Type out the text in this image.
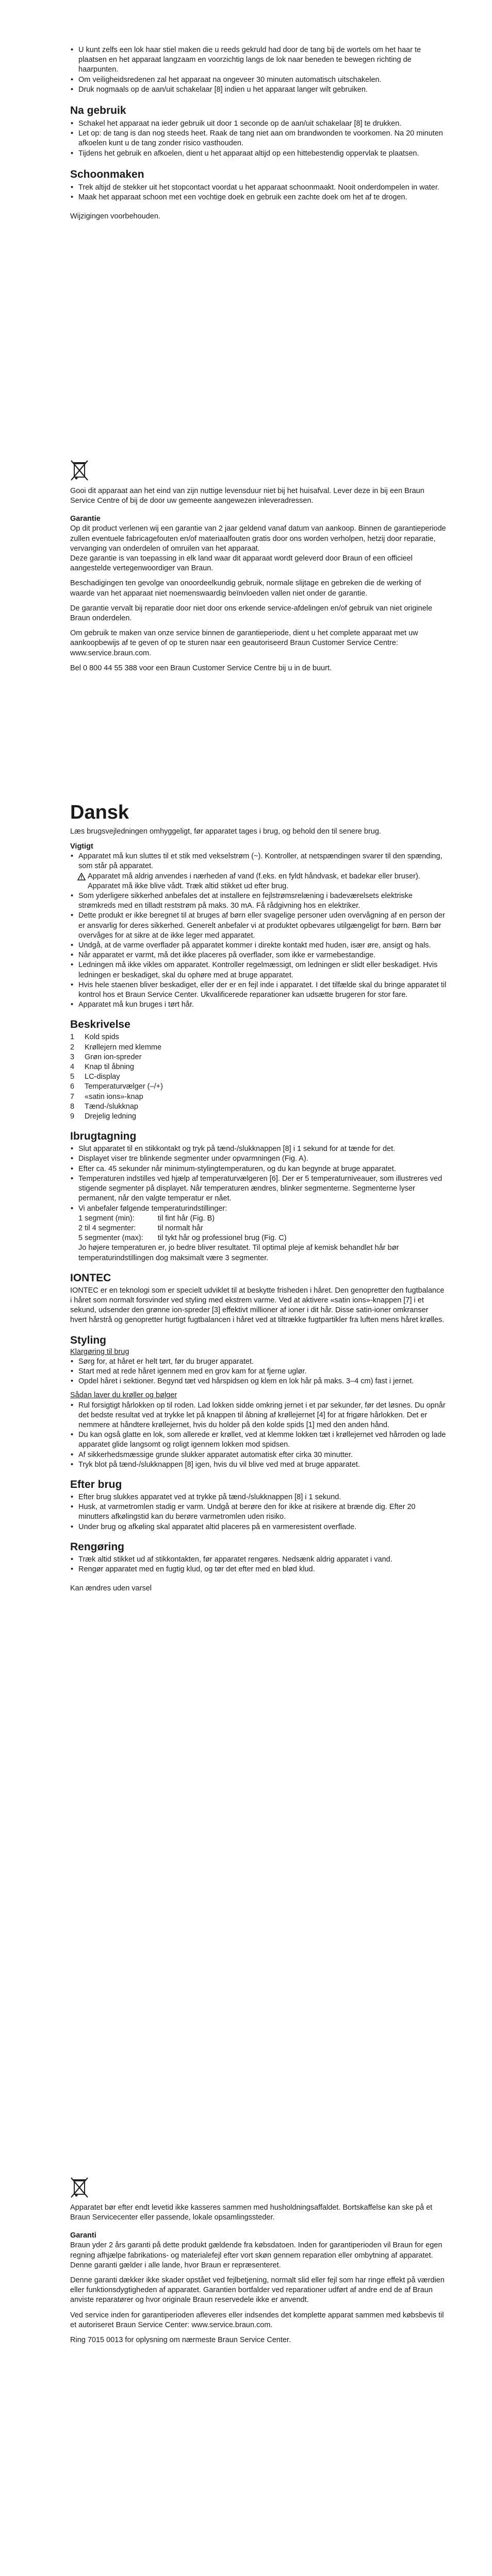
• U kunt zelfs een lok haar stiel maken die u reeds gekruld had door de tang bij de wortels om het haar te plaatsen en het apparaat langzaam en voorzichtig langs de lok naar beneden te bewegen richting de haarpunten.
• Om veiligheidsredenen zal het apparaat na ongeveer 30 minuten automatisch uitschakelen.
• Druk nogmaals op de aan/uit schakelaar [8] indien u het apparaat langer wilt gebruiken.
Na gebruik
• Schakel het apparaat na ieder gebruik uit door 1 seconde op de aan/uit schakelaar [8] te drukken.
• Let op: de tang is dan nog steeds heet. Raak de tang niet aan om brandwonden te voorkomen. Na 20 minuten afkoelen kunt u de tang zonder risico vasthouden.
• Tijdens het gebruik en afkoelen, dient u het apparaat altijd op een hittebestendig oppervlak te plaatsen.
Schoonmaken
• Trek altijd de stekker uit het stopcontact voordat u het apparaat schoonmaakt. Nooit onderdompelen in water.
• Maak het apparaat schoon met een vochtige doek en gebruik een zachte doek om het af te drogen.

Wijzigingen voorbehouden.

Gooi dit apparaat aan het eind van zijn nuttige levensduur niet bij het huisafval. Lever deze in bij een Braun Service Centre of bij de door uw gemeente aangewezen inleveradressen.

Garantie

Op dit product verlenen wij een garantie van 2 jaar geldend vanaf datum van aankoop. Binnen de garantieperiode zullen eventuele fabricagefouten en/of materiaalfouten gratis door ons worden verholpen, hetzij door reparatie, vervanging van onderdelen of omruilen van het apparaat.

Deze garantie is van toepassing in elk land waar dit apparaat wordt geleverd door Braun of een officieel aangestelde vertegenwoordiger van Braun.

Beschadigingen ten gevolge van onoordeelkundig gebruik, normale slijtage en gebreken die de werking of waarde van het apparaat niet noemenswaardig beïnvloeden vallen niet onder de garantie.

De garantie vervalt bij reparatie door niet door ons erkende service-afdelingen en/of gebruik van niet originele Braun onderdelen.

Om gebruik te maken van onze service binnen de garantieperiode, dient u het complete apparaat met uw aankoopbewijs af te geven of op te sturen naar een geautoriseerd Braun Customer Service Centre: www.service.braun.com.

Bel 0 800 44 55 388 voor een Braun Customer Service Centre bij u in de buurt.

Dansk

Læs brugsvejledningen omhyggeligt, før apparatet tages i brug, og behold den til senere brug.

Vigtigt
• Apparatet må kun sluttes til et stik med vekselstrøm (~). Kontroller, at netspændingen svarer til den spænding, som står på apparatet.

Apparatet må aldrig anvendes i nærheden af vand (f.eks. en fyldt håndvask, et badekar eller bruser). Apparatet må ikke blive vådt. Træk altid stikket ud efter brug.

• Som yderligere sikkerhed anbefales det at installere en fejlstrømsrelæning i badeværelsets elektriske strømkreds med en tilladt reststrøm på maks. 30 mA. Få rådgivning hos en elektriker.
• Dette produkt er ikke beregnet til at bruges af børn eller svagelige personer uden overvågning af en person der er ansvarlig for deres sikkerhed. Generelt anbefaler vi at produktet opbevares utilgængeligt for børn. Børn bør overvåges for at sikre at de ikke leger med apparatet.
• Undgå, at de varme overflader på apparatet kommer i direkte kontakt med huden, især øre, ansigt og hals.
• Når apparatet er varmt, må det ikke placeres på overflader, som ikke er varmebestandige.
• Ledningen må ikke vikles om apparatet. Kontroller regelmæssigt, om ledningen er slidt eller beskadiget. Hvis ledningen er beskadiget, skal du ophøre med at bruge apparatet.
• Hvis hele staenen bliver beskadiget, eller der er en fejl inde i apparatet. I det tilfælde skal du bringe apparatet til kontrol hos et Braun Service Center. Ukvalificerede reparationer kan udsætte brugeren for stor fare.
• Apparatet må kun bruges i tørt hår.
Beskrivelse
1	Kold spids
2	Krøllejern med klemme
3	Grøn ion-spreder
4	Knap til åbning
5	LC-display
6	Temperaturvælger (–/+)
7	«satin ions»-knap
8	Tænd-/slukknap
9	Drejelig ledning
Ibrugtagning
• Slut apparatet til en stikkontakt og tryk på tænd-/slukknappen [8] i 1 sekund for at tænde for det.
• Displayet viser tre blinkende segmenter under opvarmningen (Fig. A).
• Efter ca. 45 sekunder når minimum-stylingtemperaturen, og du kan begynde at bruge apparatet.
• Temperaturen indstilles ved hjælp af temperaturvælgeren [6]. Der er 5 temperaturniveauer, som illustreres ved stigende segmenter på displayet. Når temperaturen ændres, blinker segmenterne. Segmenterne lyser permanent, når den valgte temperatur er nået.
• Vi anbefaler følgende temperaturindstillinger:
1 segment (min):	til fint hår (Fig. B)
2 til 4 segmenter:	til normalt hår
5 segmenter (max):	til tykt hår og professionel brug (Fig. C)

Jo højere temperaturen er, jo bedre bliver resultatet. Til optimal pleje af kemisk behandlet hår bør temperaturindstillingen dog maksimalt være 3 segmenter.

IONTEC

IONTEC er en teknologi som er specielt udviklet til at beskytte frisheden i håret. Den genopretter den fugtbalance i håret som normalt forsvinder ved styling med ekstrem varme. Ved at aktivere «satin ions»-knappen [7] i et sekund, udsender den grønne ion-spreder [3] effektivt millioner af ioner i dit hår. Disse satin-ioner omkranser hvert hårstrå og genopretter hurtigt fugtbalancen i håret ved at tiltrække fugtpartikler fra luften mens håret krølles.

Styling

Klargøring til brug

• Sørg for, at håret er helt tørt, før du bruger apparatet.
• Start med at rede håret igennem med en grov kam for at fjerne uglør.
• Opdel håret i sektioner. Begynd tæt ved hårspidsen og klem en lok hår på maks. 3–4 cm) fast i jernet.

Sådan laver du krøller og bølger

• Rul forsigtigt hårlokken op til roden. Lad lokken sidde omkring jernet i et par sekunder, før det løsnes. Du opnår det bedste resultat ved at trykke let på knappen til åbning af krøllejernet [4] for at frigøre hårlokken. Det er nemmere at håndtere krøllejernet, hvis du holder på den kolde spids [1] med den anden hånd.
• Du kan også glatte en lok, som allerede er krøllet, ved at klemme lokken tæt i krøllejernet ved hårroden og lade apparatet glide langsomt og roligt igennem lokken mod spidsen.
• Af sikkerhedsmæssige grunde slukker apparatet automatisk efter cirka 30 minutter.
• Tryk blot på tænd-/slukknappen [8] igen, hvis du vil blive ved med at bruge apparatet.
Efter brug
• Efter brug slukkes apparatet ved at trykke på tænd-/slukknappen [8] i 1 sekund.
• Husk, at varmetromlen stadig er varm. Undgå at berøre den for ikke at risikere at brænde dig. Efter 20 minutters afkølingstid kan du berøre varmetromlen uden risiko.
• Under brug og afkøling skal apparatet altid placeres på en varmeresistent overflade.
Rengøring
• Træk altid stikket ud af stikkontakten, før apparatet rengøres. Nedsænk aldrig apparatet i vand.
• Rengør apparatet med en fugtig klud, og tør det efter med en blød klud.

Kan ændres uden varsel

Apparatet bør efter endt levetid ikke kasseres sammen med husholdningsaffaldet. Bortskaffelse kan ske på et Braun Servicecenter eller passende, lokale opsamlingssteder.

Garanti

Braun yder 2 års garanti på dette produkt gældende fra købsdatoen. Inden for garantiperioden vil Braun for egen regning afhjælpe fabrikations- og materialefejl efter vort skøn gennem reparation eller ombytning af apparatet. Denne garanti gælder i alle lande, hvor Braun er repræsenteret.

Denne garanti dækker ikke skader opstået ved fejlbetjening, normalt slid eller fejl som har ringe effekt på værdien eller funktionsdygtigheden af apparatet. Garantien bortfalder ved reparationer udført af andre end de af Braun anviste reparatører og hvor originale Braun reservedele ikke er anvendt.

Ved service inden for garantiperioden afleveres eller indsendes det komplette apparat sammen med købsbevis til et autoriseret Braun Service Center: www.service.braun.com.

Ring 7015 0013 for oplysning om nærmeste Braun Service Center.
